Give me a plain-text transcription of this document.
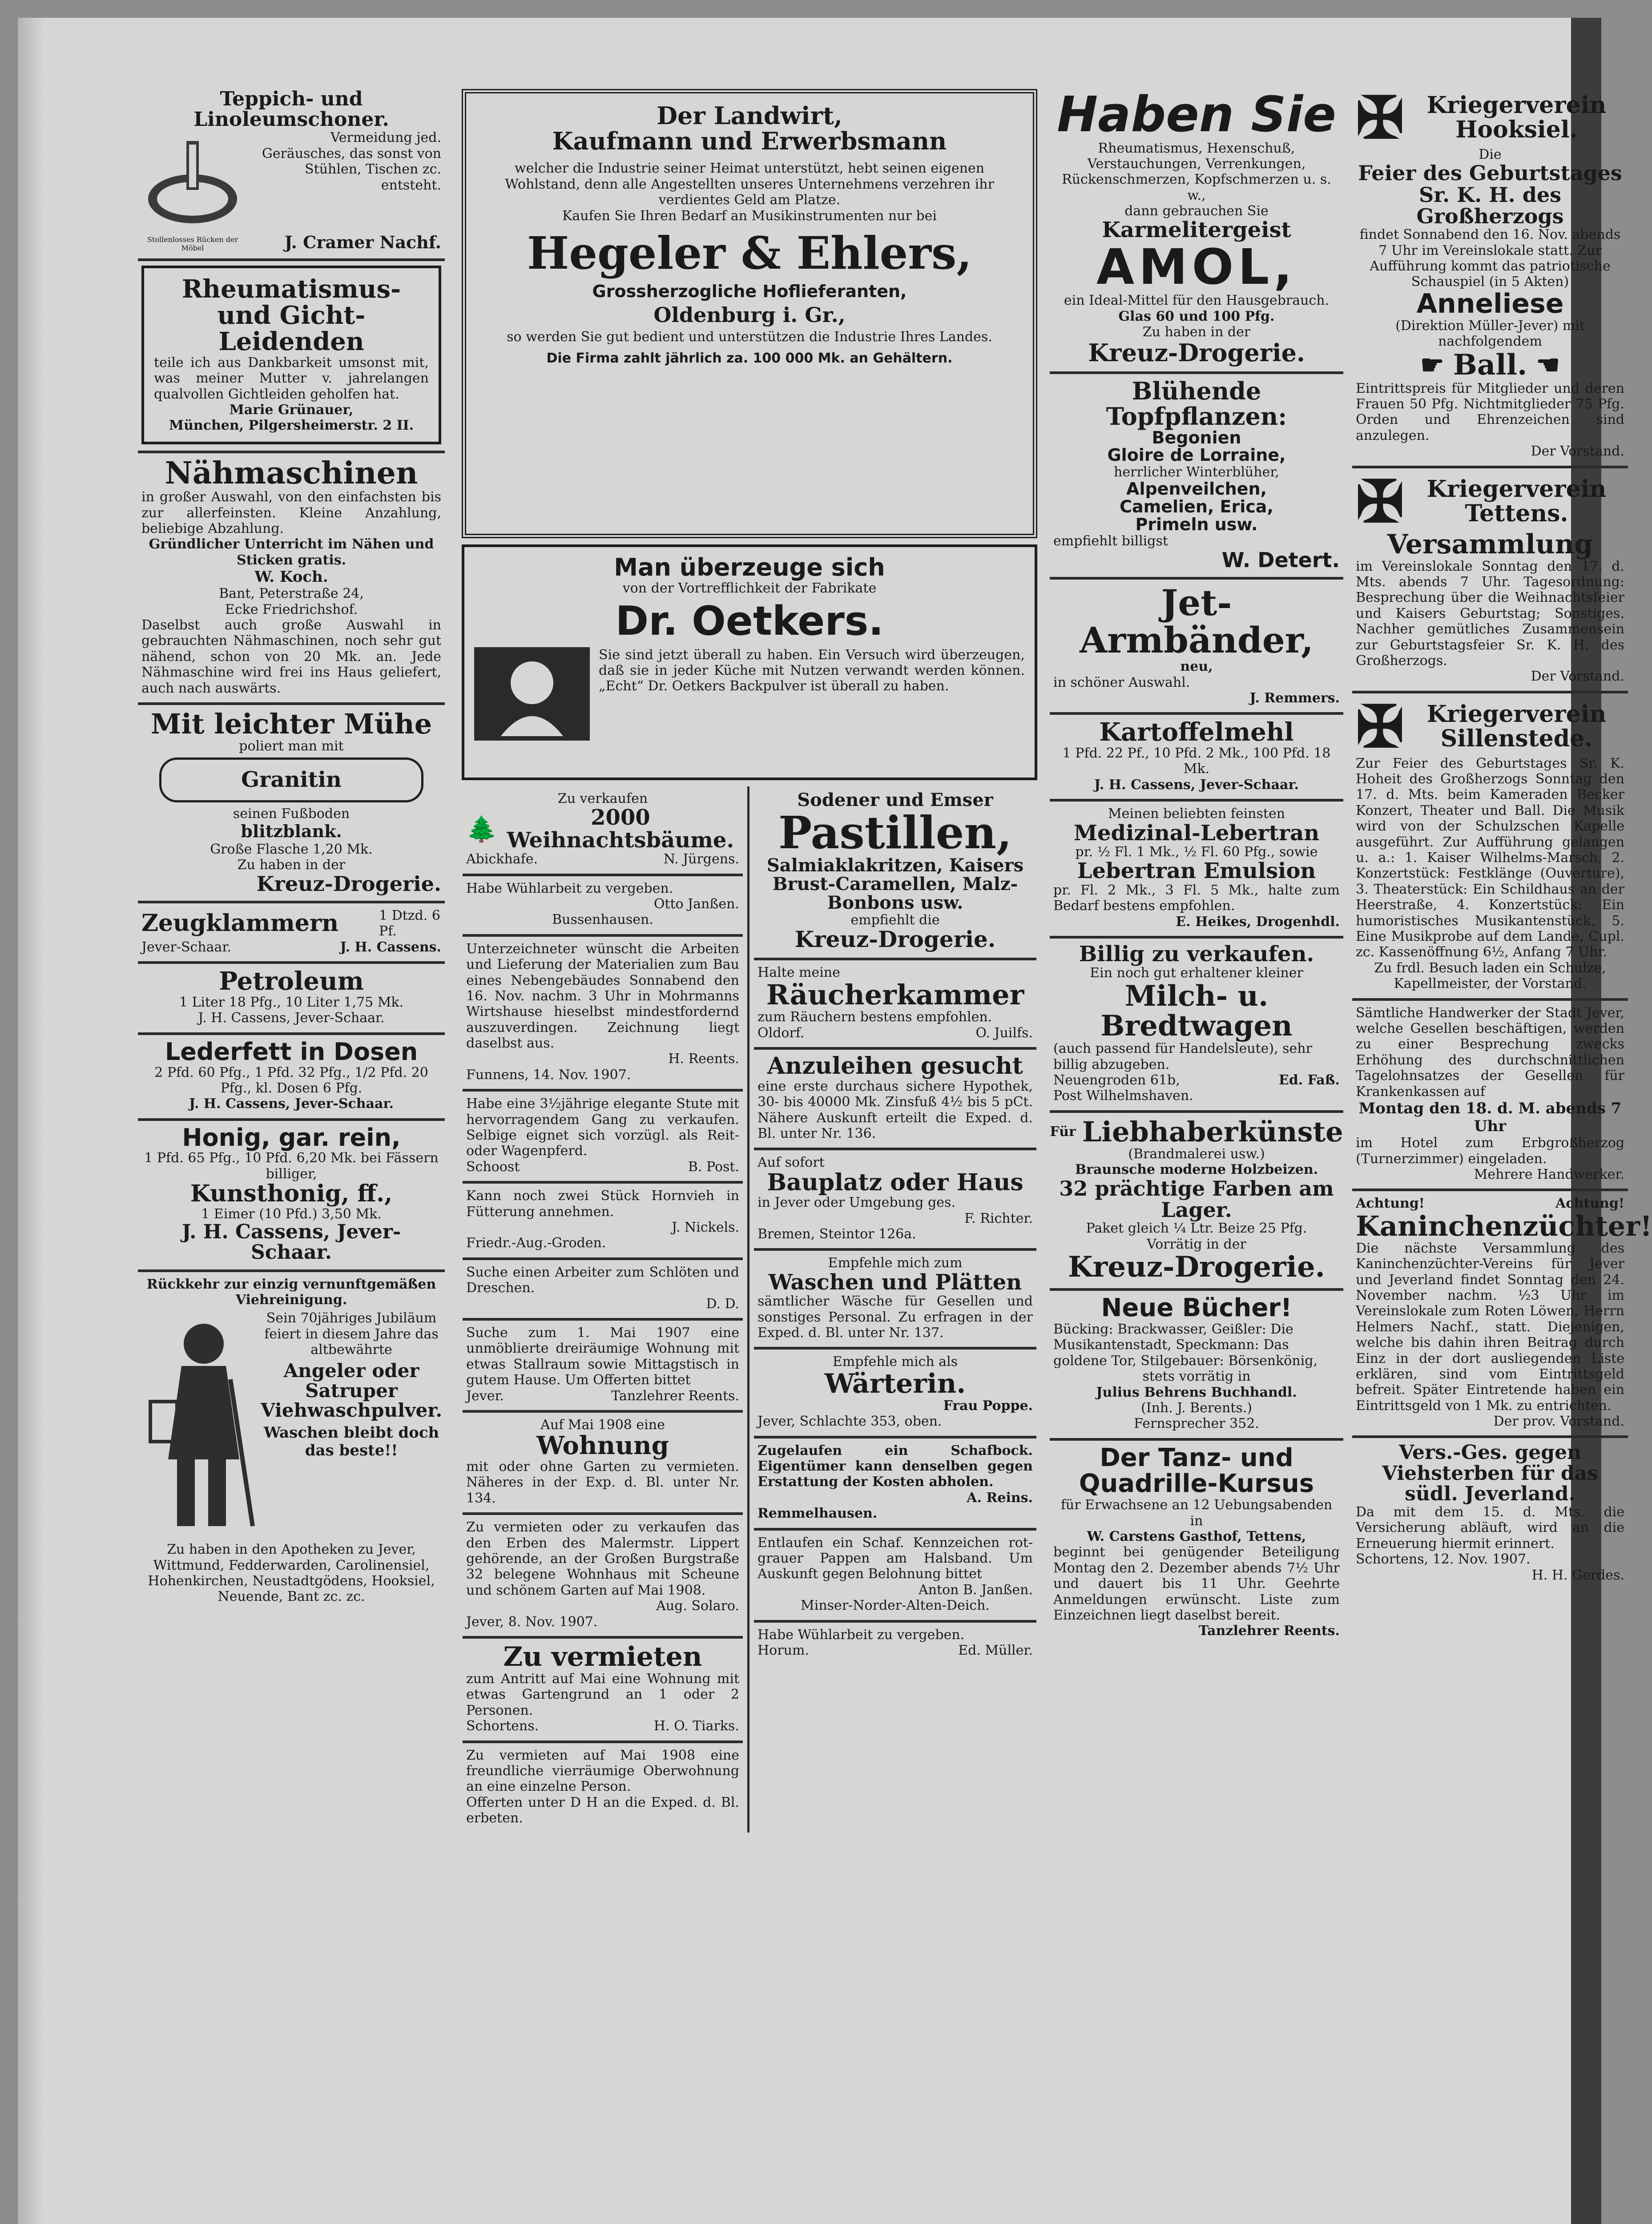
Teppich- und Linoleumschoner.
Vermeidung jed. Geräusches, das sonst von Stühlen, Tischen zc. entsteht.
Stollenlosses Rücken der Möbel	J. Cramer Nachf.
Rheumatismus- und Gicht-Leidenden
teile ich aus Dankbarkeit umsonst mit, was meiner Mutter v. jahrelangen qualvollen Gichtleiden geholfen hat.
Marie Grünauer,
München, Pilgersheimerstr. 2 II.
Nähmaschinen
in großer Auswahl, von den einfachsten bis zur allerfeinsten. Kleine Anzahlung, beliebige Abzahlung.
Gründlicher Unterricht im Nähen und Sticken gratis.
W. Koch.
Bant, Peterstraße 24,
Ecke Friedrichshof.
Daselbst auch große Auswahl in gebrauchten Nähmaschinen, noch sehr gut nähend, schon von 20 Mk. an. Jede Nähmaschine wird frei ins Haus geliefert, auch nach auswärts.
Mit leichter Mühe
poliert man mit
Granitin
seinen Fußboden
blitzblank.
Große Flasche 1,20 Mk.
Zu haben in der
Kreuz-Drogerie.
Zeugklammern	1 Dtzd. 6 Pf.
Jever-Schaar.	J. H. Cassens.
Petroleum
1 Liter 18 Pfg., 10 Liter 1,75 Mk.
J. H. Cassens, Jever-Schaar.
Lederfett in Dosen
2 Pfd. 60 Pfg., 1 Pfd. 32 Pfg., 1/2 Pfd. 20 Pfg., kl. Dosen 6 Pfg.
J. H. Cassens, Jever-Schaar.
Honig, gar. rein,
1 Pfd. 65 Pfg., 10 Pfd. 6,20 Mk. bei Fässern billiger,
Kunsthonig, ff.,
1 Eimer (10 Pfd.) 3,50 Mk.
J. H. Cassens, Jever-Schaar.
Rückkehr zur einzig vernunftgemäßen Viehreinigung.
Sein 70jähriges Jubiläum feiert in diesem Jahre das altbewährte
Angeler oder Satruper Viehwaschpulver.
Waschen bleibt doch das beste!!
Zu haben in den Apotheken zu Jever, Wittmund, Fedderwarden, Carolinensiel, Hohenkirchen, Neustadtgödens, Hooksiel, Neuende, Bant zc. zc.
Der Landwirt,
Kaufmann und Erwerbsmann
welcher die Industrie seiner Heimat unterstützt, hebt seinen eigenen Wohlstand, denn alle Angestellten unseres Unternehmens verzehren ihr verdientes Geld am Platze.
Kaufen Sie Ihren Bedarf an Musikinstrumenten nur bei
Hegeler & Ehlers,
Grossherzogliche Hoflieferanten,
Oldenburg i. Gr.,
so werden Sie gut bedient und unterstützen die Industrie Ihres Landes.
Die Firma zahlt jährlich za. 100 000 Mk. an Gehältern.
Man überzeuge sich
von der Vortrefflichkeit der Fabrikate
Dr. Oetkers.
Sie sind jetzt überall zu haben. Ein Versuch wird überzeugen, daß sie in jeder Küche mit Nutzen verwandt werden können. „Echt“ Dr. Oetkers Backpulver ist überall zu haben.
Zu verkaufen
🌲	2000 Weihnachtsbäume.
Abickhafe.	N. Jürgens.
Habe Wühlarbeit zu vergeben.
Otto Janßen.
Bussenhausen.
Unterzeichneter wünscht die Arbeiten und Lieferung der Materialien zum Bau eines Nebengebäudes Sonnabend den 16. Nov. nachm. 3 Uhr in Mohrmanns Wirtshause hieselbst mindestfordernd auszuverdingen. Zeichnung liegt daselbst aus.
H. Reents.
Funnens, 14. Nov. 1907.
Habe eine 3½jährige elegante Stute mit hervorragendem Gang zu verkaufen. Selbige eignet sich vorzügl. als Reit- oder Wagenpferd.
Schoost	B. Post.
Kann noch zwei Stück Hornvieh in Fütterung annehmen.
J. Nickels.
Friedr.-Aug.-Groden.
Suche einen Arbeiter zum Schlöten und Dreschen.
D. D.
Suche zum 1. Mai 1907 eine unmöblierte dreiräumige Wohnung mit etwas Stallraum sowie Mittagstisch in gutem Hause. Um Offerten bittet
Jever.	Tanzlehrer Reents.
Auf Mai 1908 eine
Wohnung
mit oder ohne Garten zu vermieten. Näheres in der Exp. d. Bl. unter Nr. 134.
Zu vermieten oder zu verkaufen das den Erben des Malermstr. Lippert gehörende, an der Großen Burgstraße 32 belegene Wohnhaus mit Scheune und schönem Garten auf Mai 1908.
Aug. Solaro.
Jever, 8. Nov. 1907.
Zu vermieten
zum Antritt auf Mai eine Wohnung mit etwas Gartengrund an 1 oder 2 Personen.
Schortens.	H. O. Tiarks.
Zu vermieten auf Mai 1908 eine freundliche vierräumige Oberwohnung an eine einzelne Person.
Offerten unter D H an die Exped. d. Bl. erbeten.
Sodener und Emser
Pastillen,
Salmiaklakritzen, Kaisers Brust-Caramellen, Malz-Bonbons usw.
empfiehlt die
Kreuz-Drogerie.
Halte meine
Räucherkammer
zum Räuchern bestens empfohlen.
Oldorf.	O. Juilfs.
Anzuleihen gesucht
eine erste durchaus sichere Hypothek, 30- bis 40000 Mk. Zinsfuß 4½ bis 5 pCt. Nähere Auskunft erteilt die Exped. d. Bl. unter Nr. 136.
Auf sofort
Bauplatz oder Haus
in Jever oder Umgebung ges.
F. Richter.
Bremen, Steintor 126a.
Empfehle mich zum
Waschen und Plätten
sämtlicher Wäsche für Gesellen und sonstiges Personal. Zu erfragen in der Exped. d. Bl. unter Nr. 137.
Empfehle mich als
Wärterin.
Frau Poppe.
Jever, Schlachte 353, oben.
Zugelaufen ein Schafbock. Eigentümer kann denselben gegen Erstattung der Kosten abholen.
A. Reins.
Remmelhausen.
Entlaufen ein Schaf. Kennzeichen rot-grauer Pappen am Halsband. Um Auskunft gegen Belohnung bittet
Anton B. Janßen.
Minser-Norder-Alten-Deich.
Habe Wühlarbeit zu vergeben.
Horum.	Ed. Müller.
Haben Sie
Rheumatismus, Hexenschuß, Verstauchungen, Verrenkungen, Rückenschmerzen, Kopfschmerzen u. s. w.,
dann gebrauchen Sie
Karmelitergeist
AMOL,
ein Ideal-Mittel für den Hausgebrauch.
Glas 60 und 100 Pfg.
Zu haben in der
Kreuz-Drogerie.
Blühende Topfpflanzen:
Begonien
Gloire de Lorraine,
herrlicher Winterblüher,
Alpenveilchen,
Camelien, Erica,
Primeln usw.
empfiehlt billigst
W. Detert.
Jet-Armbänder,
neu,
in schöner Auswahl.
J. Remmers.
Kartoffelmehl
1 Pfd. 22 Pf., 10 Pfd. 2 Mk., 100 Pfd. 18 Mk.
J. H. Cassens, Jever-Schaar.
Meinen beliebten feinsten
Medizinal-Lebertran
pr. ½ Fl. 1 Mk., ½ Fl. 60 Pfg., sowie
Lebertran Emulsion
pr. Fl. 2 Mk., 3 Fl. 5 Mk., halte zum Bedarf bestens empfohlen.
E. Heikes, Drogenhdl.
Billig zu verkaufen.
Ein noch gut erhaltener kleiner
Milch- u. Bredtwagen
(auch passend für Handelsleute), sehr billig abzugeben.
Neuengroden 61b,	Ed. Faß.
Post Wilhelmshaven.
Für Liebhaberkünste
(Brandmalerei usw.)
Braunsche moderne Holzbeizen.
32 prächtige Farben am Lager.
Paket gleich ¼ Ltr. Beize 25 Pfg.
Vorrätig in der
Kreuz-Drogerie.
Neue Bücher!
Bücking: Brackwasser, Geißler: Die Musikantenstadt, Speckmann: Das goldene Tor, Stilgebauer: Börsenkönig,
stets vorrätig in
Julius Behrens Buchhandl.
(Inh. J. Berents.)
Fernsprecher 352.
Der Tanz- und Quadrille-Kursus
für Erwachsene an 12 Uebungsabenden in
W. Carstens Gasthof, Tettens,
beginnt bei genügender Beteiligung Montag den 2. Dezember abends 7½ Uhr und dauert bis 11 Uhr. Geehrte Anmeldungen erwünscht. Liste zum Einzeichnen liegt daselbst bereit.
Tanzlehrer Reents.
✠ Kriegerverein Hooksiel.
Die
Feier des Geburtstages Sr. K. H. des Großherzogs
findet Sonnabend den 16. Nov. abends 7 Uhr im Vereinslokale statt. Zur Aufführung kommt das patriotische Schauspiel (in 5 Akten)
Anneliese
(Direktion Müller-Jever) mit nachfolgendem
☛ Ball. ☚
Eintrittspreis für Mitglieder und deren Frauen 50 Pfg. Nichtmitglieder 75 Pfg. Orden und Ehrenzeichen sind anzulegen.
Der Vorstand.
✠ Kriegerverein Tettens.
Versammlung
im Vereinslokale Sonntag den 17. d. Mts. abends 7 Uhr. Tagesordnung: Besprechung über die Weihnachtsfeier und Kaisers Geburtstag; Sonstiges. Nachher gemütliches Zusammensein zur Geburtstagsfeier Sr. K. H. des Großherzogs.
Der Vorstand.
✠ Kriegerverein Sillenstede.
Zur Feier des Geburtstages Sr. K. Hoheit des Großherzogs Sonntag den 17. d. Mts. beim Kameraden Becker Konzert, Theater und Ball. Die Musik wird von der Schulzschen Kapelle ausgeführt. Zur Aufführung gelangen u. a.: 1. Kaiser Wilhelms-Marsch, 2. Konzertstück: Festklänge (Ouverture), 3. Theaterstück: Ein Schildhaus an der Heerstraße, 4. Konzertstück: Ein humoristisches Musikantenstück, 5. Eine Musikprobe auf dem Lande, Cupl. zc. Kassenöffnung 6½, Anfang 7 Uhr.
Zu frdl. Besuch laden ein Schulze, Kapellmeister, der Vorstand.
Sämtliche Handwerker der Stadt Jever, welche Gesellen beschäftigen, werden zu einer Besprechung zwecks Erhöhung des durchschnittlichen Tagelohnsatzes der Gesellen für Krankenkassen auf
Montag den 18. d. M. abends 7 Uhr
im Hotel zum Erbgroßherzog (Turnerzimmer) eingeladen.
Mehrere Handwerker.
Achtung!	Achtung!
Kaninchenzüchter!
Die nächste Versammlung des Kaninchenzüchter-Vereins für Jever und Jeverland findet Sonntag den 24. November nachm. ½3 Uhr im Vereinslokale zum Roten Löwen, Herrn Helmers Nachf., statt. Diejenigen, welche bis dahin ihren Beitrag durch Einz in der dort ausliegenden Liste erklären, sind vom Eintrittsgeld befreit. Später Eintretende haben ein Eintrittsgeld von 1 Mk. zu entrichten.
Der prov. Vorstand.
Vers.-Ges. gegen Viehsterben für das südl. Jeverland.
Da mit dem 15. d. Mts. die Versicherung abläuft, wird an die Erneuerung hiermit erinnert.
Schortens, 12. Nov. 1907.
H. H. Gerdes.
